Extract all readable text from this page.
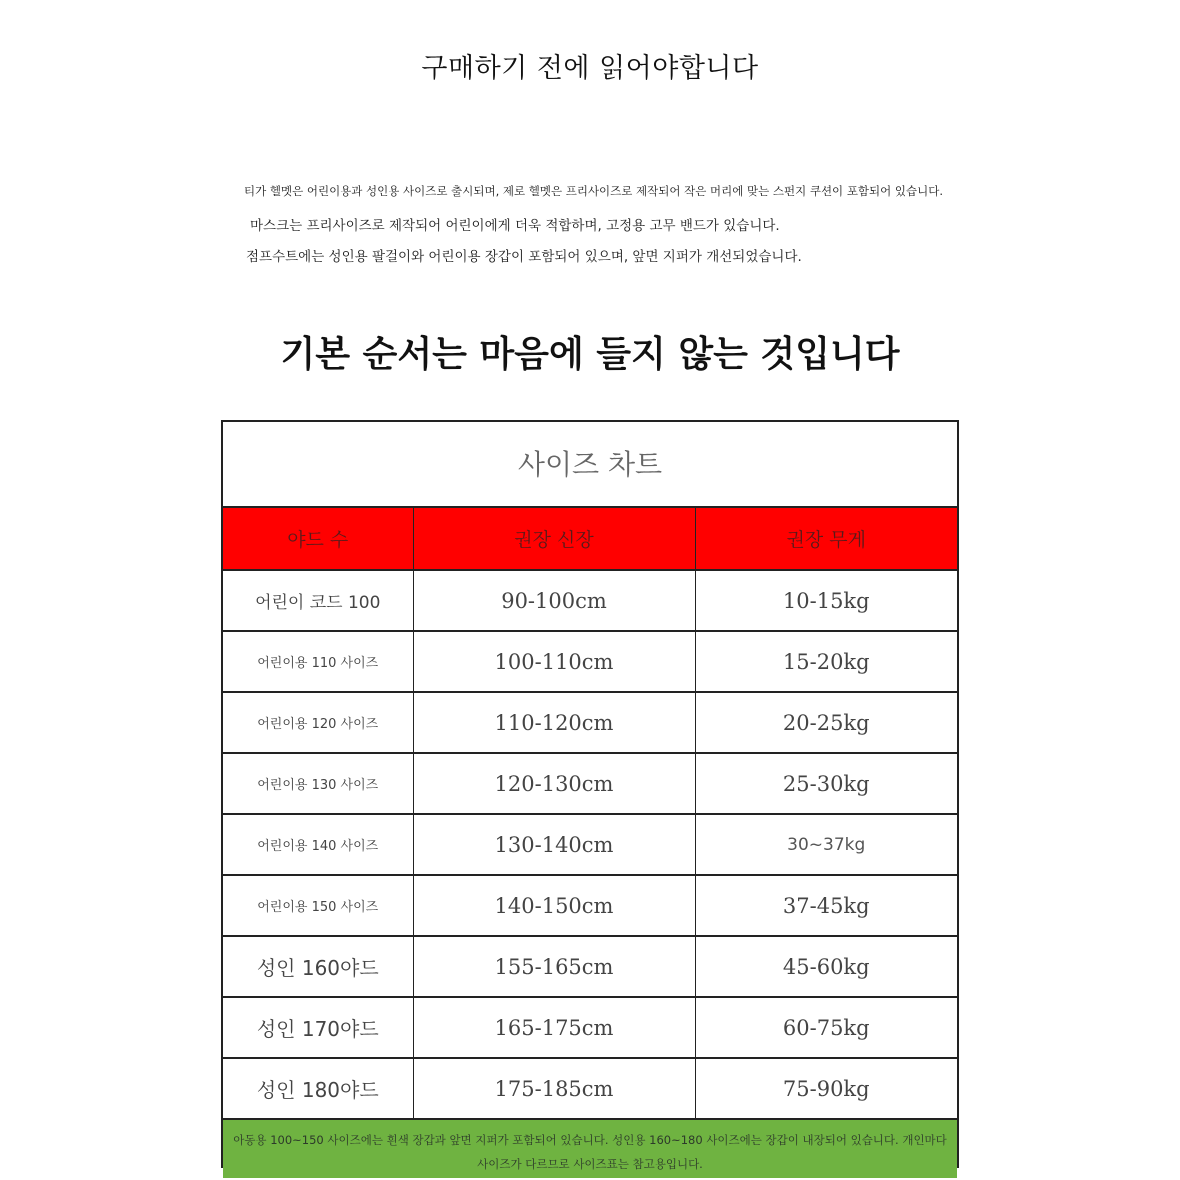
구매하기 전에 읽어야합니다
티가 헬멧은 어린이용과 성인용 사이즈로 출시되며, 제로 헬멧은 프리사이즈로 제작되어 작은 머리에 맞는 스펀지 쿠션이 포함되어 있습니다.
마스크는 프리사이즈로 제작되어 어린이에게 더욱 적합하며, 고정용 고무 밴드가 있습니다.
점프수트에는 성인용 팔걸이와 어린이용 장갑이 포함되어 있으며, 앞면 지퍼가 개선되었습니다.
기본 순서는 마음에 들지 않는 것입니다
사이즈 차트
야드 수	권장 신장	권장 무게
어린이 코드 100	90-100cm	10-15kg
어린이용 110 사이즈	100-110cm	15-20kg
어린이용 120 사이즈	110-120cm	20-25kg
어린이용 130 사이즈	120-130cm	25-30kg
어린이용 140 사이즈	130-140cm	30~37kg
어린이용 150 사이즈	140-150cm	37-45kg
성인 160야드	155-165cm	45-60kg
성인 170야드	165-175cm	60-75kg
성인 180야드	175-185cm	75-90kg
아동용 100~150 사이즈에는 흰색 장갑과 앞면 지퍼가 포함되어 있습니다. 성인용 160~180 사이즈에는 장갑이 내장되어 있습니다. 개인마다
사이즈가 다르므로 사이즈표는 참고용입니다.
